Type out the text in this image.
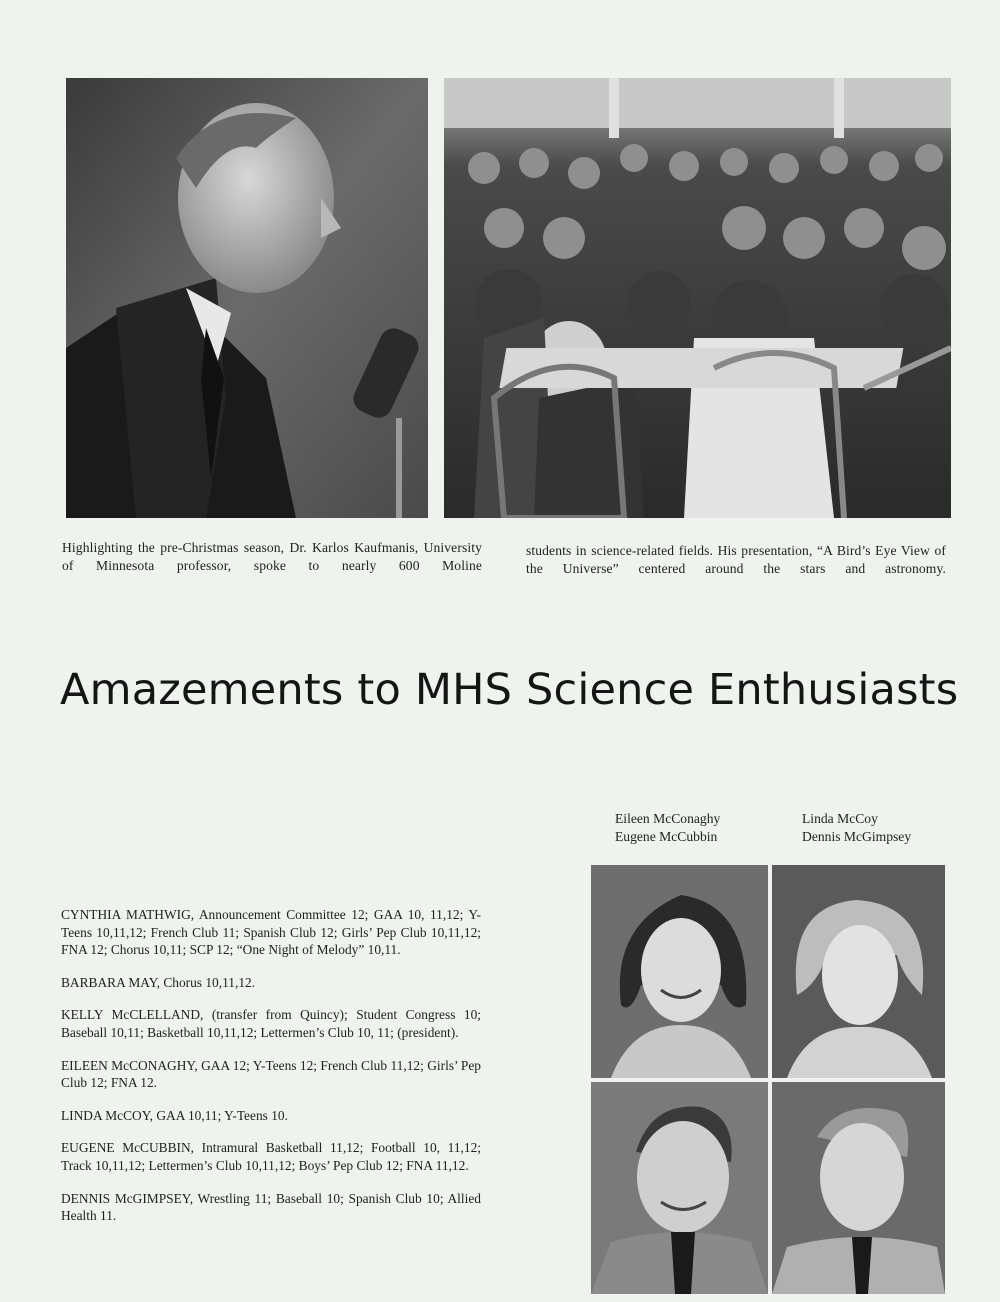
Highlighting the pre-Christmas season, Dr. Karlos Kaufmanis, University of Minnesota professor, spoke to nearly 600 Moline
students in science-related fields. His presentation, “A Bird’s Eye View of the Universe” centered around the stars and astronomy.
Amazements to MHS Science Enthusiasts
Eileen McConaghy
Eugene McCubbin
Linda McCoy
Dennis McGimpsey

CYNTHIA MATHWIG, Announcement Committee 12; GAA 10, 11,12; Y-Teens 10,11,12; French Club 11; Spanish Club 12; Girls’ Pep Club 10,11,12; FNA 12; Chorus 10,11; SCP 12; “One Night of Melody” 10,11.

BARBARA MAY, Chorus 10,11,12.

KELLY McCLELLAND, (transfer from Quincy); Student Congress 10; Baseball 10,11; Basketball 10,11,12; Lettermen’s Club 10, 11; (president).

EILEEN McCONAGHY, GAA 12; Y-Teens 12; French Club 11,12; Girls’ Pep Club 12; FNA 12.

LINDA McCOY, GAA 10,11; Y-Teens 10.

EUGENE McCUBBIN, Intramural Basketball 11,12; Football 10, 11,12; Track 10,11,12; Lettermen’s Club 10,11,12; Boys’ Pep Club 12; FNA 11,12.

DENNIS McGIMPSEY, Wrestling 11; Baseball 10; Spanish Club 10; Allied Health 11.
